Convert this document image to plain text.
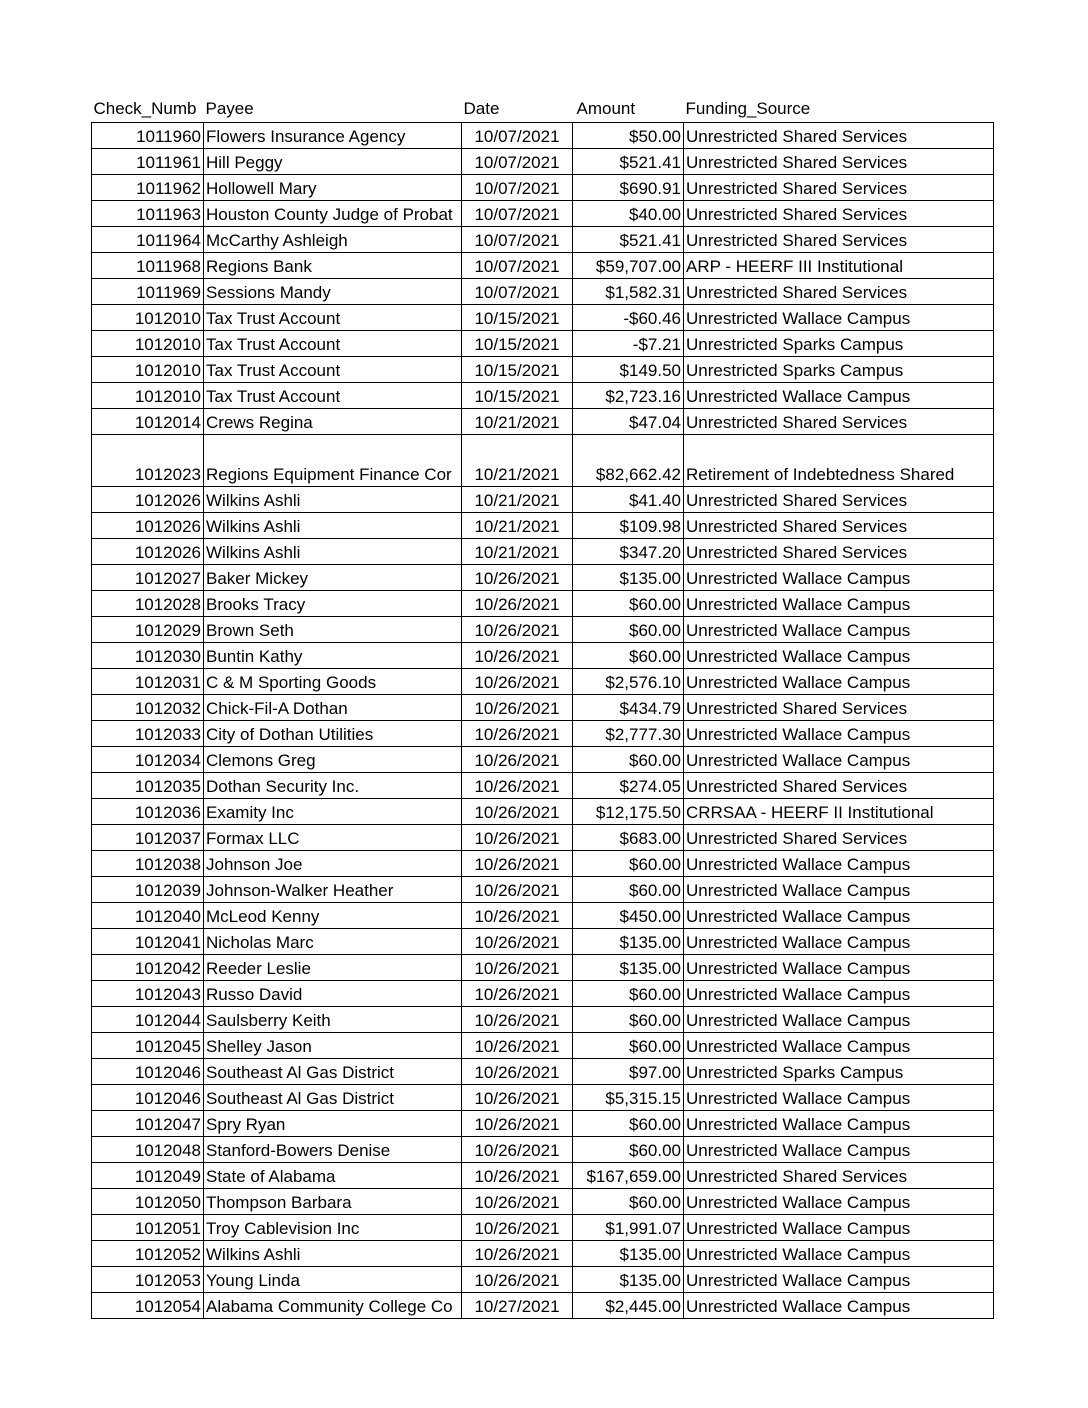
Check_Numb	Payee	Date	Amount	Funding_Source
1011960	Flowers Insurance Agency	10/07/2021	$50.00	Unrestricted Shared Services
1011961	Hill Peggy	10/07/2021	$521.41	Unrestricted Shared Services
1011962	Hollowell Mary	10/07/2021	$690.91	Unrestricted Shared Services
1011963	Houston County Judge of Probat	10/07/2021	$40.00	Unrestricted Shared Services
1011964	McCarthy Ashleigh	10/07/2021	$521.41	Unrestricted Shared Services
1011968	Regions Bank	10/07/2021	$59,707.00	ARP - HEERF III Institutional
1011969	Sessions Mandy	10/07/2021	$1,582.31	Unrestricted Shared Services
1012010	Tax Trust Account	10/15/2021	-$60.46	Unrestricted Wallace Campus
1012010	Tax Trust Account	10/15/2021	-$7.21	Unrestricted Sparks Campus
1012010	Tax Trust Account	10/15/2021	$149.50	Unrestricted Sparks Campus
1012010	Tax Trust Account	10/15/2021	$2,723.16	Unrestricted Wallace Campus
1012014	Crews Regina	10/21/2021	$47.04	Unrestricted Shared Services
1012023	Regions Equipment Finance Cor	10/21/2021	$82,662.42	Retirement of Indebtedness Shared
1012026	Wilkins Ashli	10/21/2021	$41.40	Unrestricted Shared Services
1012026	Wilkins Ashli	10/21/2021	$109.98	Unrestricted Shared Services
1012026	Wilkins Ashli	10/21/2021	$347.20	Unrestricted Shared Services
1012027	Baker Mickey	10/26/2021	$135.00	Unrestricted Wallace Campus
1012028	Brooks Tracy	10/26/2021	$60.00	Unrestricted Wallace Campus
1012029	Brown Seth	10/26/2021	$60.00	Unrestricted Wallace Campus
1012030	Buntin Kathy	10/26/2021	$60.00	Unrestricted Wallace Campus
1012031	C & M Sporting Goods	10/26/2021	$2,576.10	Unrestricted Wallace Campus
1012032	Chick-Fil-A Dothan	10/26/2021	$434.79	Unrestricted Shared Services
1012033	City of Dothan Utilities	10/26/2021	$2,777.30	Unrestricted Wallace Campus
1012034	Clemons Greg	10/26/2021	$60.00	Unrestricted Wallace Campus
1012035	Dothan Security Inc.	10/26/2021	$274.05	Unrestricted Shared Services
1012036	Examity Inc	10/26/2021	$12,175.50	CRRSAA - HEERF II Institutional
1012037	Formax LLC	10/26/2021	$683.00	Unrestricted Shared Services
1012038	Johnson Joe	10/26/2021	$60.00	Unrestricted Wallace Campus
1012039	Johnson-Walker Heather	10/26/2021	$60.00	Unrestricted Wallace Campus
1012040	McLeod Kenny	10/26/2021	$450.00	Unrestricted Wallace Campus
1012041	Nicholas Marc	10/26/2021	$135.00	Unrestricted Wallace Campus
1012042	Reeder Leslie	10/26/2021	$135.00	Unrestricted Wallace Campus
1012043	Russo David	10/26/2021	$60.00	Unrestricted Wallace Campus
1012044	Saulsberry Keith	10/26/2021	$60.00	Unrestricted Wallace Campus
1012045	Shelley Jason	10/26/2021	$60.00	Unrestricted Wallace Campus
1012046	Southeast Al Gas District	10/26/2021	$97.00	Unrestricted Sparks Campus
1012046	Southeast Al Gas District	10/26/2021	$5,315.15	Unrestricted Wallace Campus
1012047	Spry Ryan	10/26/2021	$60.00	Unrestricted Wallace Campus
1012048	Stanford-Bowers Denise	10/26/2021	$60.00	Unrestricted Wallace Campus
1012049	State of Alabama	10/26/2021	$167,659.00	Unrestricted Shared Services
1012050	Thompson Barbara	10/26/2021	$60.00	Unrestricted Wallace Campus
1012051	Troy Cablevision Inc	10/26/2021	$1,991.07	Unrestricted Wallace Campus
1012052	Wilkins Ashli	10/26/2021	$135.00	Unrestricted Wallace Campus
1012053	Young Linda	10/26/2021	$135.00	Unrestricted Wallace Campus
1012054	Alabama Community College Co	10/27/2021	$2,445.00	Unrestricted Wallace Campus
